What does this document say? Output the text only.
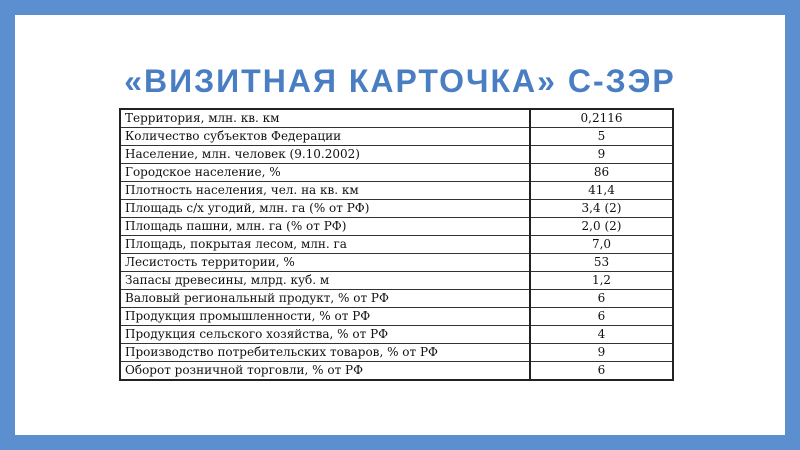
«ВИЗИТНАЯ КАРТОЧКА» С-ЗЭР
Территория, млн. кв. км	0,2116
Количество субъектов Федерации	5
Население, млн. человек (9.10.2002)	9
Городское население, %	86
Плотность населения, чел. на кв. км	41,4
Площадь с/х угодий, млн. га (% от РФ)	3,4 (2)
Площадь пашни, млн. га (% от РФ)	2,0 (2)
Площадь, покрытая лесом, млн. га	7,0
Лесистость территории, %	53
Запасы древесины, млрд. куб. м	1,2
Валовый региональный продукт, % от РФ	6
Продукция промышленности, % от РФ	6
Продукция сельского хозяйства, % от РФ	4
Производство потребительских товаров, % от РФ	9
Оборот розничной торговли, % от РФ	6
